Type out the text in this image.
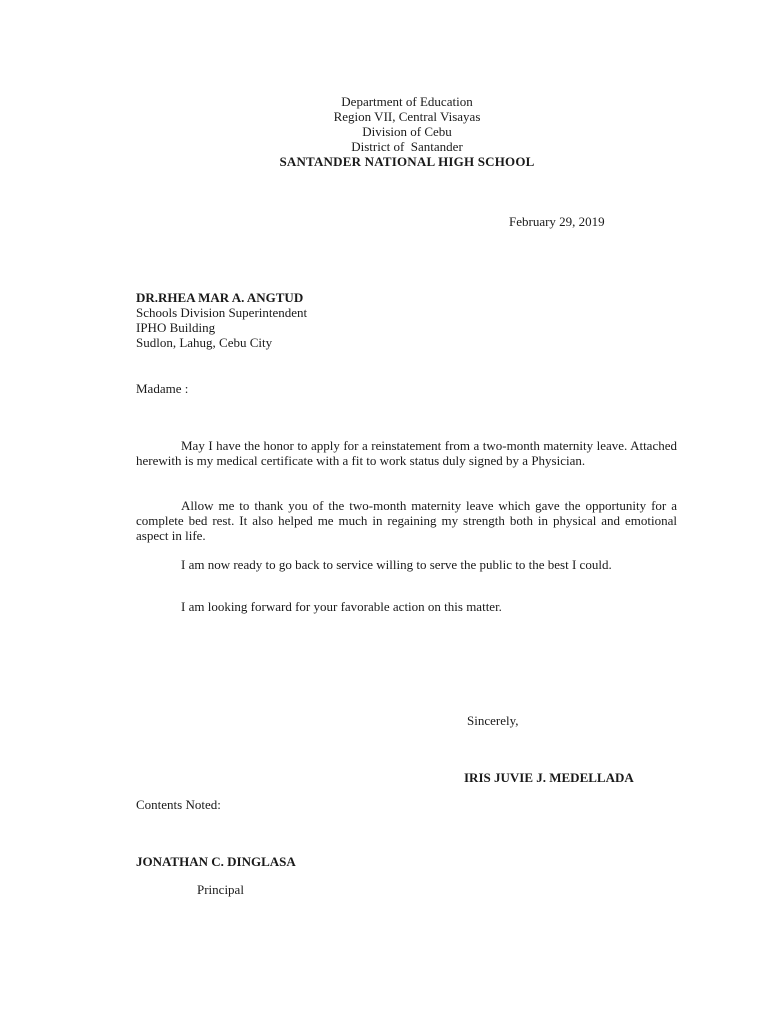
Department of Education
Region VII, Central Visayas
Division of Cebu
District of  Santander
SANTANDER NATIONAL HIGH SCHOOL
February 29, 2019
DR.RHEA MAR A. ANGTUD
Schools Division Superintendent
IPHO Building
Sudlon, Lahug, Cebu City
Madame :

May I have the honor to apply for a reinstatement from a two-month maternity leave. Attached herewith is my medical certificate with a fit to work status duly signed by a Physician.

Allow me to thank you of the two-month maternity leave which gave the opportunity for a complete bed rest. It also helped me much in regaining my strength both in physical and emotional aspect in life.

I am now ready to go back to service willing to serve the public to the best I could.

I am looking forward for your favorable action on this matter.

Sincerely,
IRIS JUVIE J. MEDELLADA
Contents Noted:
JONATHAN C. DINGLASA
Principal
